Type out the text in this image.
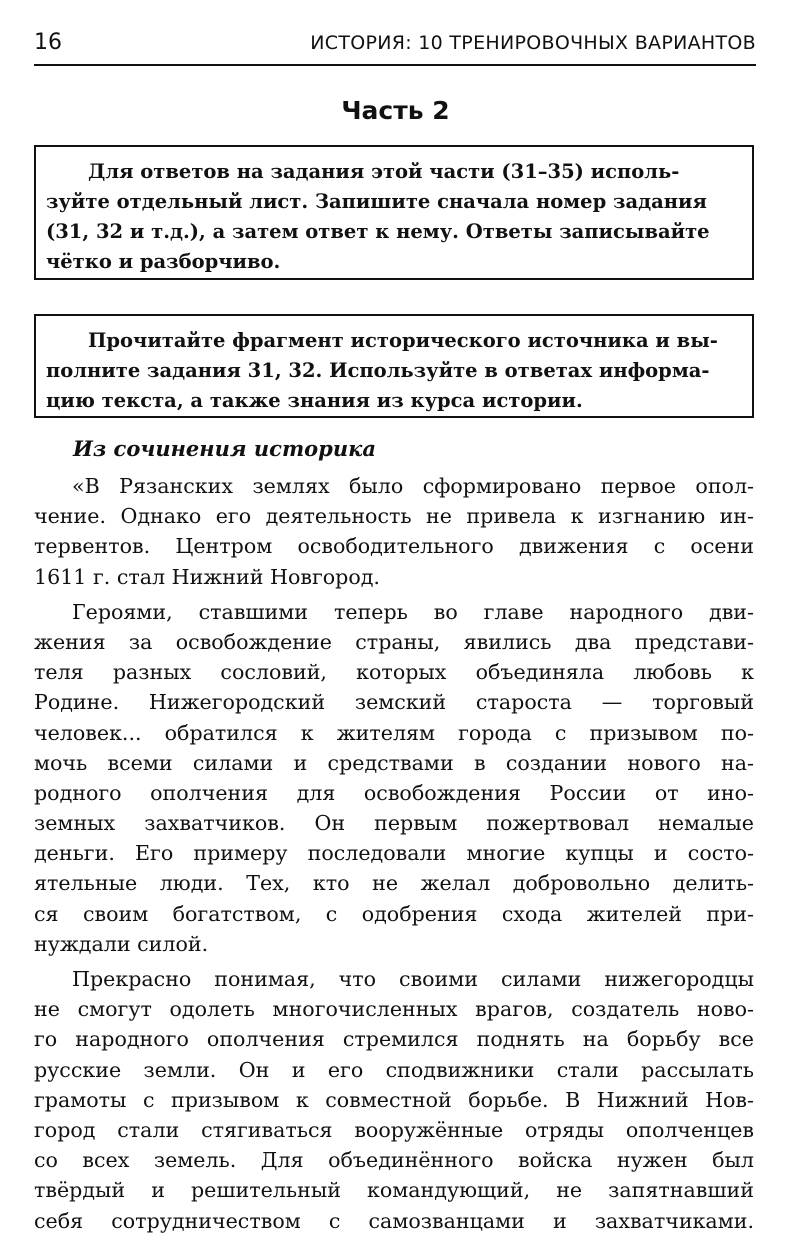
16	ИСТОРИЯ: 10 ТРЕНИРОВОЧНЫХ ВАРИАНТОВ
Часть 2
Для ответов на задания этой части (31–35) исполь-
зуйте отдельный лист. Запишите сначала номер задания
(31, 32 и т.д.), а затем ответ к нему. Ответы записывайте
чётко и разборчиво.
Прочитайте фрагмент исторического источника и вы-
полните задания 31, 32. Используйте в ответах информа-
цию текста, а также знания из курса истории.
Из сочинения историка
«В Рязанских землях было сформировано первое опол-
чение. Однако его деятельность не привела к изгнанию ин-
тервентов. Центром освободительного движения с осени
1611 г. стал Нижний Новгород.
Героями, ставшими теперь во главе народного дви-
жения за освобождение страны, явились два представи-
теля разных сословий, которых объединяла любовь к
Родине. Нижегородский земский староста — торговый
человек... обратился к жителям города с призывом по-
мочь всеми силами и средствами в создании нового на-
родного ополчения для освобождения России от ино-
земных захватчиков. Он первым пожертвовал немалые
деньги. Его примеру последовали многие купцы и состо-
ятельные люди. Тех, кто не желал добровольно делить-
ся своим богатством, с одобрения схода жителей при-
нуждали силой.
Прекрасно понимая, что своими силами нижегородцы
не смогут одолеть многочисленных врагов, создатель ново-
го народного ополчения стремился поднять на борьбу все
русские земли. Он и его сподвижники стали рассылать
грамоты с призывом к совместной борьбе. В Нижний Нов-
город стали стягиваться вооружённые отряды ополченцев
со всех земель. Для объединённого войска нужен был
твёрдый и решительный командующий, не запятнавший
себя сотрудничеством с самозванцами и захватчиками.
